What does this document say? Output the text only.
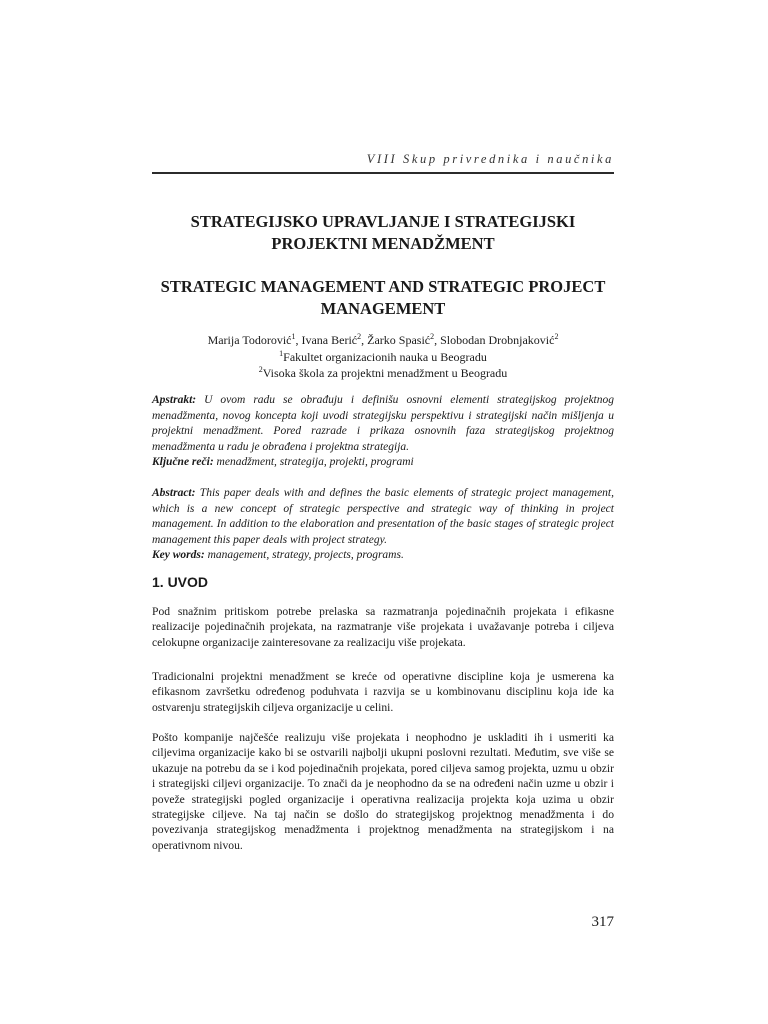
VIII Skup privrednika i naučnika
STRATEGIJSKO UPRAVLJANJE I STRATEGIJSKI PROJEKTNI MENADŽMENT
STRATEGIC MANAGEMENT AND STRATEGIC PROJECT MANAGEMENT
Marija Todorović$^1$, Ivana Berić$^2$, Žarko Spasić$^2$, Slobodan Drobnjaković$^2$
$^1$Fakultet organizacionih nauka u Beogradu
$^2$Visoka škola za projektni menadžment u Beogradu

Apstrakt: U ovom radu se obrađuju i definišu osnovni elementi strategijskog projektnog menadžmenta, novog koncepta koji uvodi strategijsku perspektivu i strategijski način mišljenja u projektni menadžment. Pored razrade i prikaza osnovnih faza strategijskog projektnog menadžmenta u radu je obrađena i projektna strategija.
Ključne reči: menadžment, strategija, projekti, programi

Abstract: This paper deals with and defines the basic elements of strategic project management, which is a new concept of strategic perspective and strategic way of thinking in project management. In addition to the elaboration and presentation of the basic stages of strategic project management this paper deals with project strategy.
Key words: management, strategy, projects, programs.

1. UVOD

Pod snažnim pritiskom potrebe prelaska sa razmatranja pojedinačnih projekata i efikasne realizacije pojedinačnih projekata, na razmatranje više projekata i uvažavanje potreba i ciljeva celokupne organizacije zainteresovane za realizaciju više projekata.

Tradicionalni projektni menadžment se kreće od operativne discipline koja je usmerena ka efikasnom završetku određenog poduhvata i razvija se u kombinovanu disciplinu koja ide ka ostvarenju strategijskih ciljeva organizacije u celini.

Pošto kompanije najčešće realizuju više projekata i neophodno je uskladiti ih i usmeriti ka ciljevima organizacije kako bi se ostvarili najbolji ukupni poslovni rezultati. Međutim, sve više se ukazuje na potrebu da se i kod pojedinačnih projekata, pored ciljeva samog projekta, uzmu u obzir i strategijski ciljevi organizacije. To znači da je neophodno da se na određeni način uzme u obzir i poveže strategijski pogled organizacije i operativna realizacija projekta koja uzima u obzir strategijske ciljeve. Na taj način se došlo do strategijskog projektnog menadžmenta i do povezivanja strategijskog menadžmenta i projektnog menadžmenta na strategijskom i na operativnom nivou.

317
